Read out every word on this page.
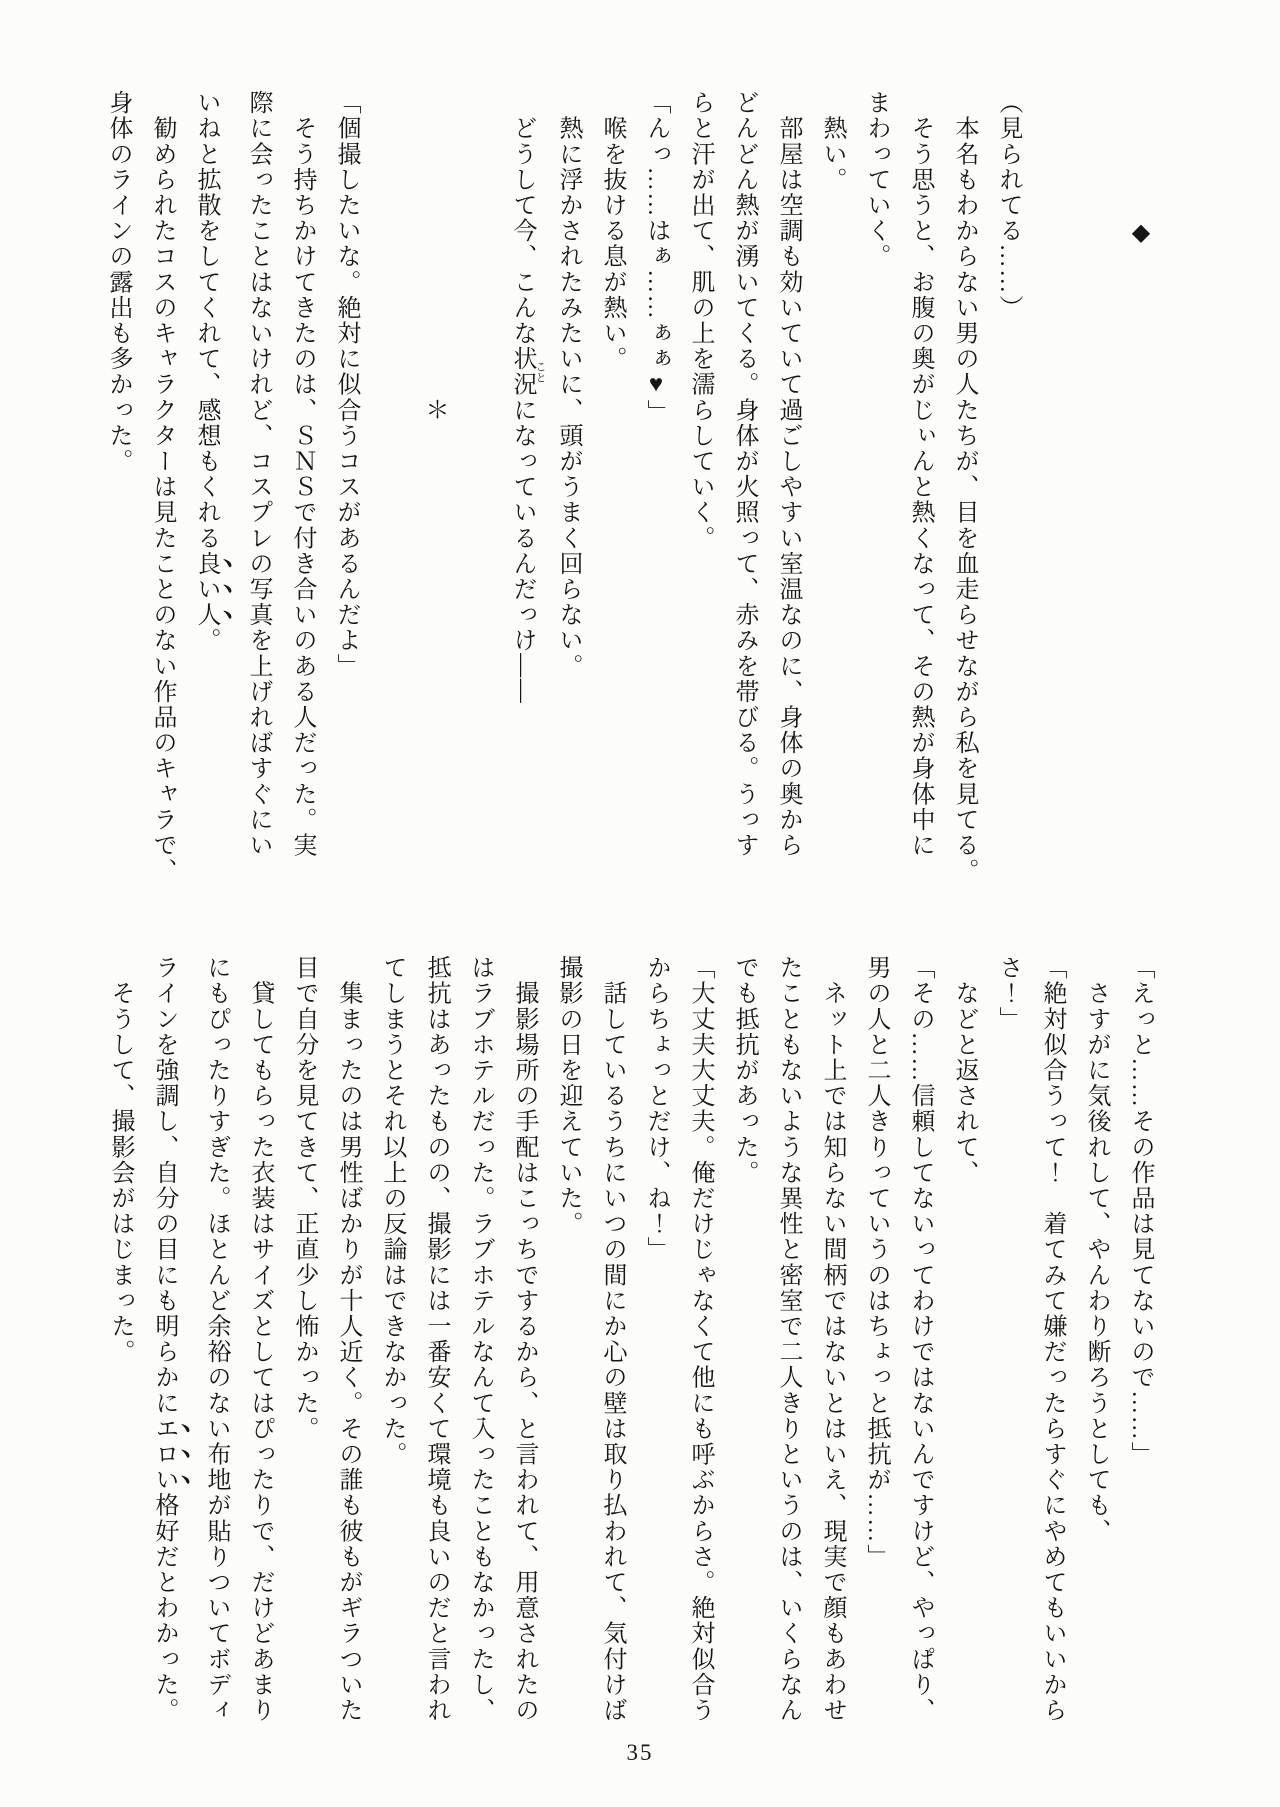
　　　　　◆

（見られてる……）
　本名もわからない男の人たちが、目を血走らせながら私を見てる。
　そう思うと、お腹の奥がじぃんと熱くなって、その熱が身体中に
まわっていく。
　熱い。
　部屋は空調も効いていて過ごしやすい室温なのに、身体の奥から
どんどん熱が湧いてくる。身体が火照って、赤みを帯びる。うっす
らと汗が出て、肌の上を濡らしていく。
「んっ……はぁ……ぁぁ♥」
　喉を抜ける息が熱い。
　熱に浮かされたみたいに、頭がうまく回らない。
　どうして今、こんな状況 ことになっているんだっけ――

　　　　　　　　　　　　＊

「個撮したいな。絶対に似合うコスがあるんだよ」
　そう持ちかけてきたのは、ＳＮＳで付き合いのある人だった。実
際に会ったことはないけれど、コスプレの写真を上げればすぐにい
いねと拡散をしてくれて、感想もくれる良い人。
　勧められたコスのキャラクターは見たことのない作品のキャラで、
身体のラインの露出も多かった。
「えっと……その作品は見てないので……」
　さすがに気後れして、やんわり断ろうとしても、
「絶対似合うって！　着てみて嫌だったらすぐにやめてもいいから
さ！」
　などと返されて、
「その……信頼してないってわけではないんですけど、やっぱり、
男の人と二人きりっていうのはちょっと抵抗が……」
　ネット上では知らない間柄ではないとはいえ、現実で顔もあわせ
たこともないような異性と密室で二人きりというのは、いくらなん
でも抵抗があった。
「大丈夫大丈夫。俺だけじゃなくて他にも呼ぶからさ。絶対似合う
からちょっとだけ、ね！」
　話しているうちにいつの間にか心の壁は取り払われて、気付けば
撮影の日を迎えていた。
　撮影場所の手配はこっちでするから、と言われて、用意されたの
はラブホテルだった。ラブホテルなんて入ったこともなかったし、
抵抗はあったものの、撮影には一番安くて環境も良いのだと言われ
てしまうとそれ以上の反論はできなかった。
　集まったのは男性ばかりが十人近く。その誰も彼もがギラついた
目で自分を見てきて、正直少し怖かった。
　貸してもらった衣装はサイズとしてはぴったりで、だけどあまり
にもぴったりすぎた。ほとんど余裕のない布地が貼りついてボディ
ラインを強調し、自分の目にも明らかにエロい格好だとわかった。
　そうして、撮影会がはじまった。
35
